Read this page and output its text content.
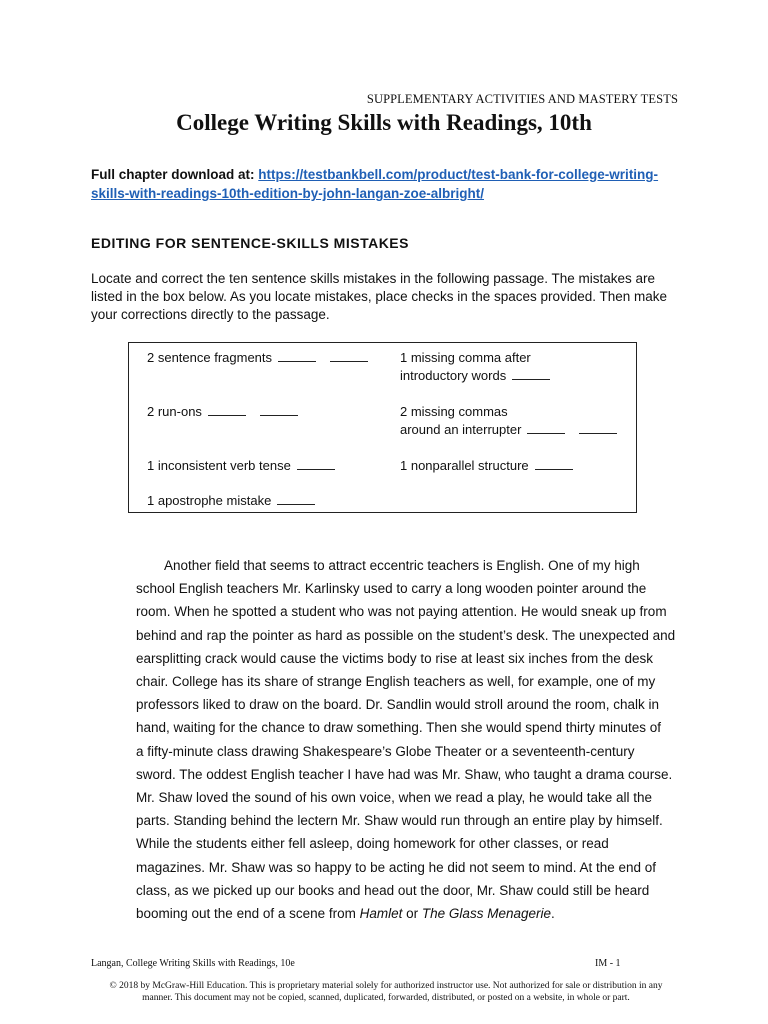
SUPPLEMENTARY ACTIVITIES AND MASTERY TESTS
College Writing Skills with Readings, 10th
Full chapter download at: https://testbankbell.com/product/test-bank-for-college-writing-
skills-with-readings-10th-edition-by-john-langan-zoe-albright/
EDITING FOR SENTENCE-SKILLS MISTAKES
Locate and correct the ten sentence skills mistakes in the following passage. The mistakes are
listed in the box below. As you locate mistakes, place checks in the spaces provided. Then make
your corrections directly to the passage.
2 sentence fragments
2 run-ons
1 inconsistent verb tense
1 apostrophe mistake
1 missing comma after
introductory words
2 missing commas
around an interrupter
1 nonparallel structure
Another field that seems to attract eccentric teachers is English. One of my high
school English teachers Mr. Karlinsky used to carry a long wooden pointer around the
room. When he spotted a student who was not paying attention. He would sneak up from
behind and rap the pointer as hard as possible on the student’s desk. The unexpected and
earsplitting crack would cause the victims body to rise at least six inches from the desk
chair. College has its share of strange English teachers as well, for example, one of my
professors liked to draw on the board. Dr. Sandlin would stroll around the room, chalk in
hand, waiting for the chance to draw something. Then she would spend thirty minutes of
a fifty-minute class drawing Shakespeare’s Globe Theater or a seventeenth-century
sword. The oddest English teacher I have had was Mr. Shaw, who taught a drama course.
Mr. Shaw loved the sound of his own voice, when we read a play, he would take all the
parts. Standing behind the lectern Mr. Shaw would run through an entire play by himself.
While the students either fell asleep, doing homework for other classes, or read
magazines. Mr. Shaw was so happy to be acting he did not seem to mind. At the end of
class, as we picked up our books and head out the door, Mr. Shaw could still be heard
booming out the end of a scene from Hamlet or The Glass Menagerie.
Langan, College Writing Skills with Readings, 10e	IM - 1
© 2018 by McGraw-Hill Education. This is proprietary material solely for authorized instructor use. Not authorized for sale or distribution in any
manner. This document may not be copied, scanned, duplicated, forwarded, distributed, or posted on a website, in whole or part.
